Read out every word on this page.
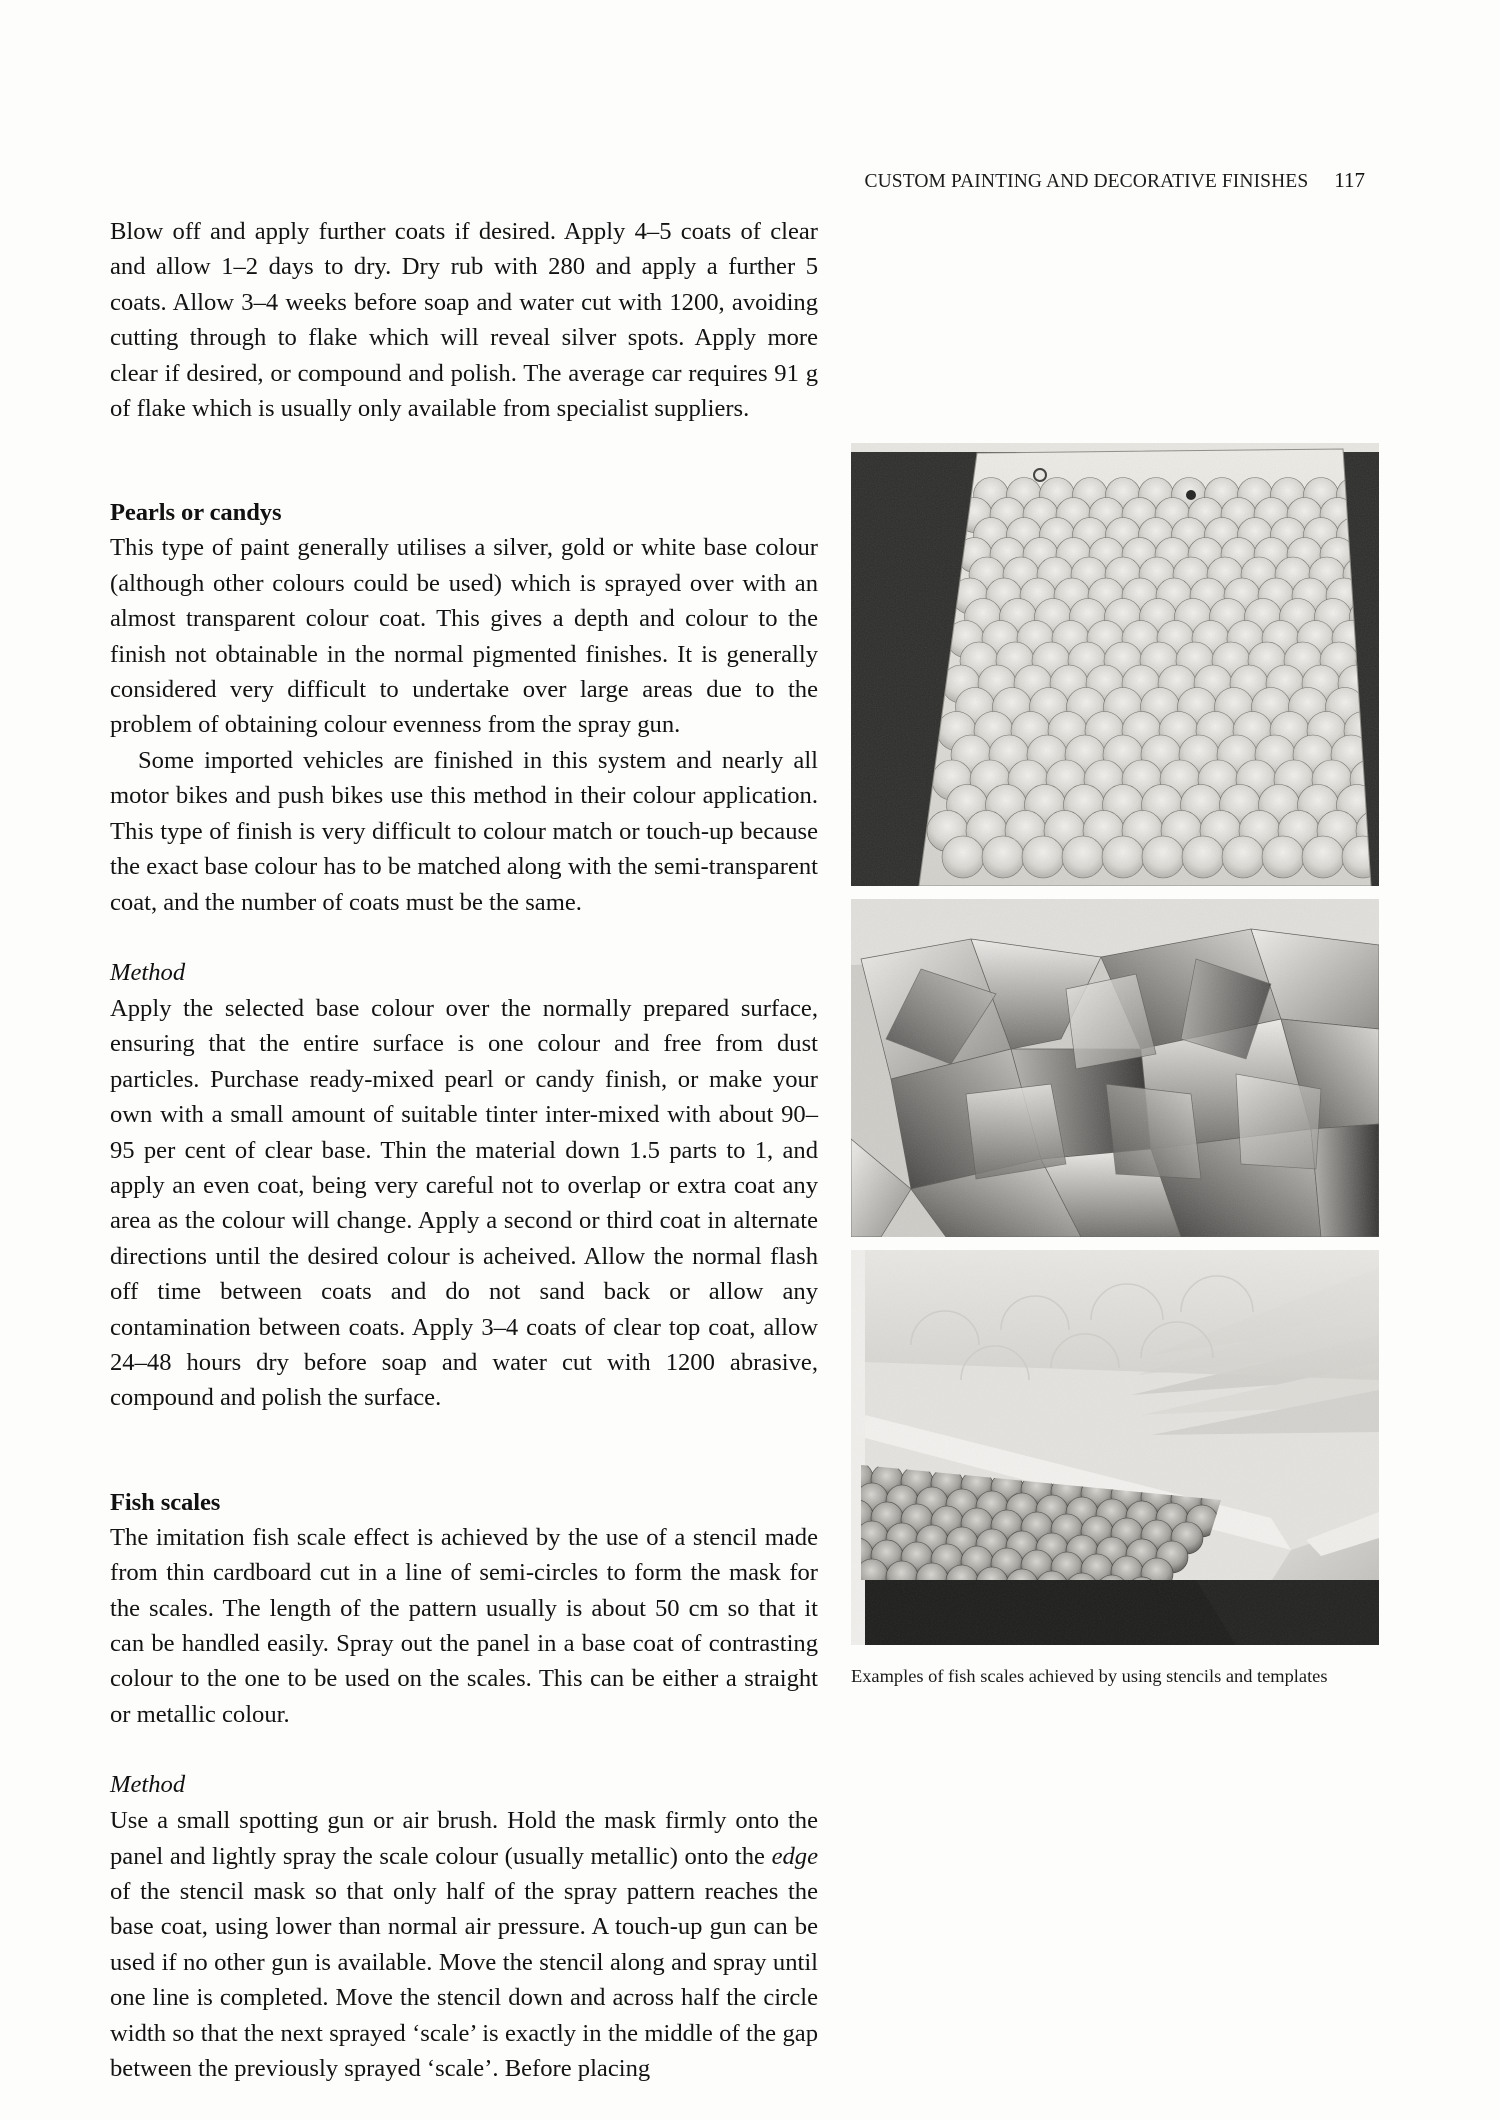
CUSTOM PAINTING AND DECORATIVE FINISHES 117

Blow off and apply further coats if desired. Apply 4–5 coats of clear and allow 1–2 days to dry. Dry rub with 280 and apply a further 5 coats. Allow 3–4 weeks before soap and water cut with 1200, avoiding cutting through to flake which will reveal silver spots. Apply more clear if desired, or compound and polish. The average car requires 91 g of flake which is usually only available from specialist suppliers.

Pearls or candys

This type of paint generally utilises a silver, gold or white base colour (although other colours could be used) which is sprayed over with an almost transparent colour coat. This gives a depth and colour to the finish not obtainable in the normal pigmented finishes. It is generally considered very difficult to undertake over large areas due to the problem of obtaining colour evenness from the spray gun.

Some imported vehicles are finished in this system and nearly all motor bikes and push bikes use this method in their colour application. This type of finish is very difficult to colour match or touch-up because the exact base colour has to be matched along with the semi-transparent coat, and the number of coats must be the same.

Method

Apply the selected base colour over the normally prepared surface, ensuring that the entire surface is one colour and free from dust particles. Purchase ready-mixed pearl or candy finish, or make your own with a small amount of suitable tinter inter-mixed with about 90–95 per cent of clear base. Thin the material down 1.5 parts to 1, and apply an even coat, being very careful not to overlap or extra coat any area as the colour will change. Apply a second or third coat in alternate directions until the desired colour is acheived. Allow the normal flash off time between coats and do not sand back or allow any contamination between coats. Apply 3–4 coats of clear top coat, allow 24–48 hours dry before soap and water cut with 1200 abrasive, compound and polish the surface.

Fish scales

The imitation fish scale effect is achieved by the use of a stencil made from thin cardboard cut in a line of semi-circles to form the mask for the scales. The length of the pattern usually is about 50 cm so that it can be handled easily. Spray out the panel in a base coat of contrasting colour to the one to be used on the scales. This can be either a straight or metallic colour.

Method

Use a small spotting gun or air brush. Hold the mask firmly onto the panel and lightly spray the scale colour (usually metallic) onto the edge of the stencil mask so that only half of the spray pattern reaches the base coat, using lower than normal air pressure. A touch-up gun can be used if no other gun is available. Move the stencil along and spray until one line is completed. Move the stencil down and across half the circle width so that the next sprayed ‘scale’ is exactly in the middle of the gap between the previously sprayed ‘scale’. Before placing

Examples of fish scales achieved by using stencils and templates
